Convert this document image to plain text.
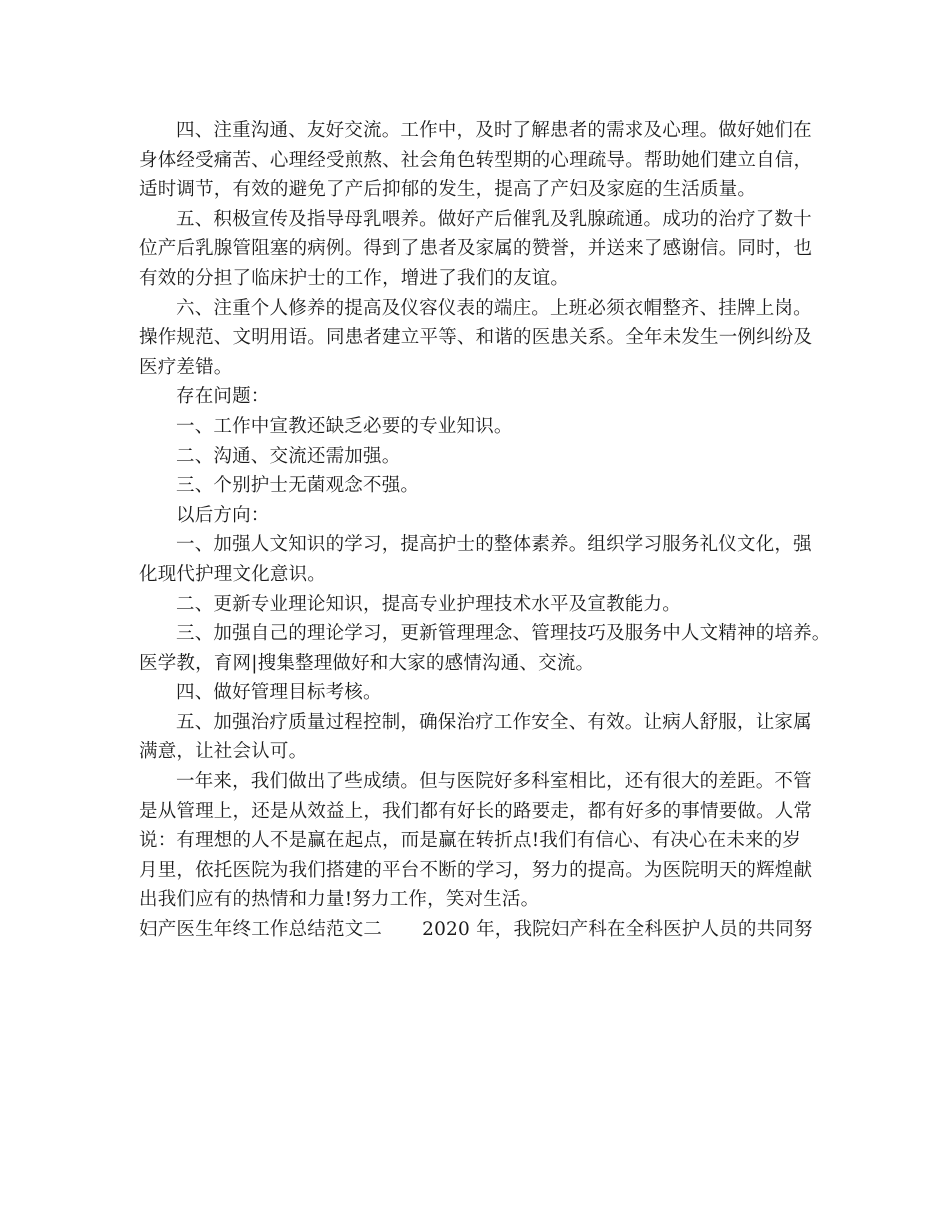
四、注重沟通、友好交流。工作中，及时了解患者的需求及心理。做好她们在
身体经受痛苦、心理经受煎熬、社会角色转型期的心理疏导。帮助她们建立自信，
适时调节，有效的避免了产后抑郁的发生，提高了产妇及家庭的生活质量。
五、积极宣传及指导母乳喂养。做好产后催乳及乳腺疏通。成功的治疗了数十
位产后乳腺管阻塞的病例。得到了患者及家属的赞誉，并送来了感谢信。同时，也
有效的分担了临床护士的工作，增进了我们的友谊。
六、注重个人修养的提高及仪容仪表的端庄。上班必须衣帽整齐、挂牌上岗。
操作规范、文明用语。同患者建立平等、和谐的医患关系。全年未发生一例纠纷及
医疗差错。
存在问题：
一、工作中宣教还缺乏必要的专业知识。
二、沟通、交流还需加强。
三、个别护士无菌观念不强。
以后方向：
一、加强人文知识的学习，提高护士的整体素养。组织学习服务礼仪文化，强
化现代护理文化意识。
二、更新专业理论知识，提高专业护理技术水平及宣教能力。
三、加强自己的理论学习，更新管理理念、管理技巧及服务中人文精神的培养。
医学教，育网|搜集整理做好和大家的感情沟通、交流。
四、做好管理目标考核。
五、加强治疗质量过程控制，确保治疗工作安全、有效。让病人舒服，让家属
满意，让社会认可。
一年来，我们做出了些成绩。但与医院好多科室相比，还有很大的差距。不管
是从管理上，还是从效益上，我们都有好长的路要走，都有好多的事情要做。人常
说：有理想的人不是赢在起点，而是赢在转折点!我们有信心、有决心在未来的岁
月里，依托医院为我们搭建的平台不断的学习，努力的提高。为医院明天的辉煌献
出我们应有的热情和力量!努力工作，笑对生活。
妇产医生年终工作总结范文二 2020 年，我院妇产科在全科医护人员的共同努
